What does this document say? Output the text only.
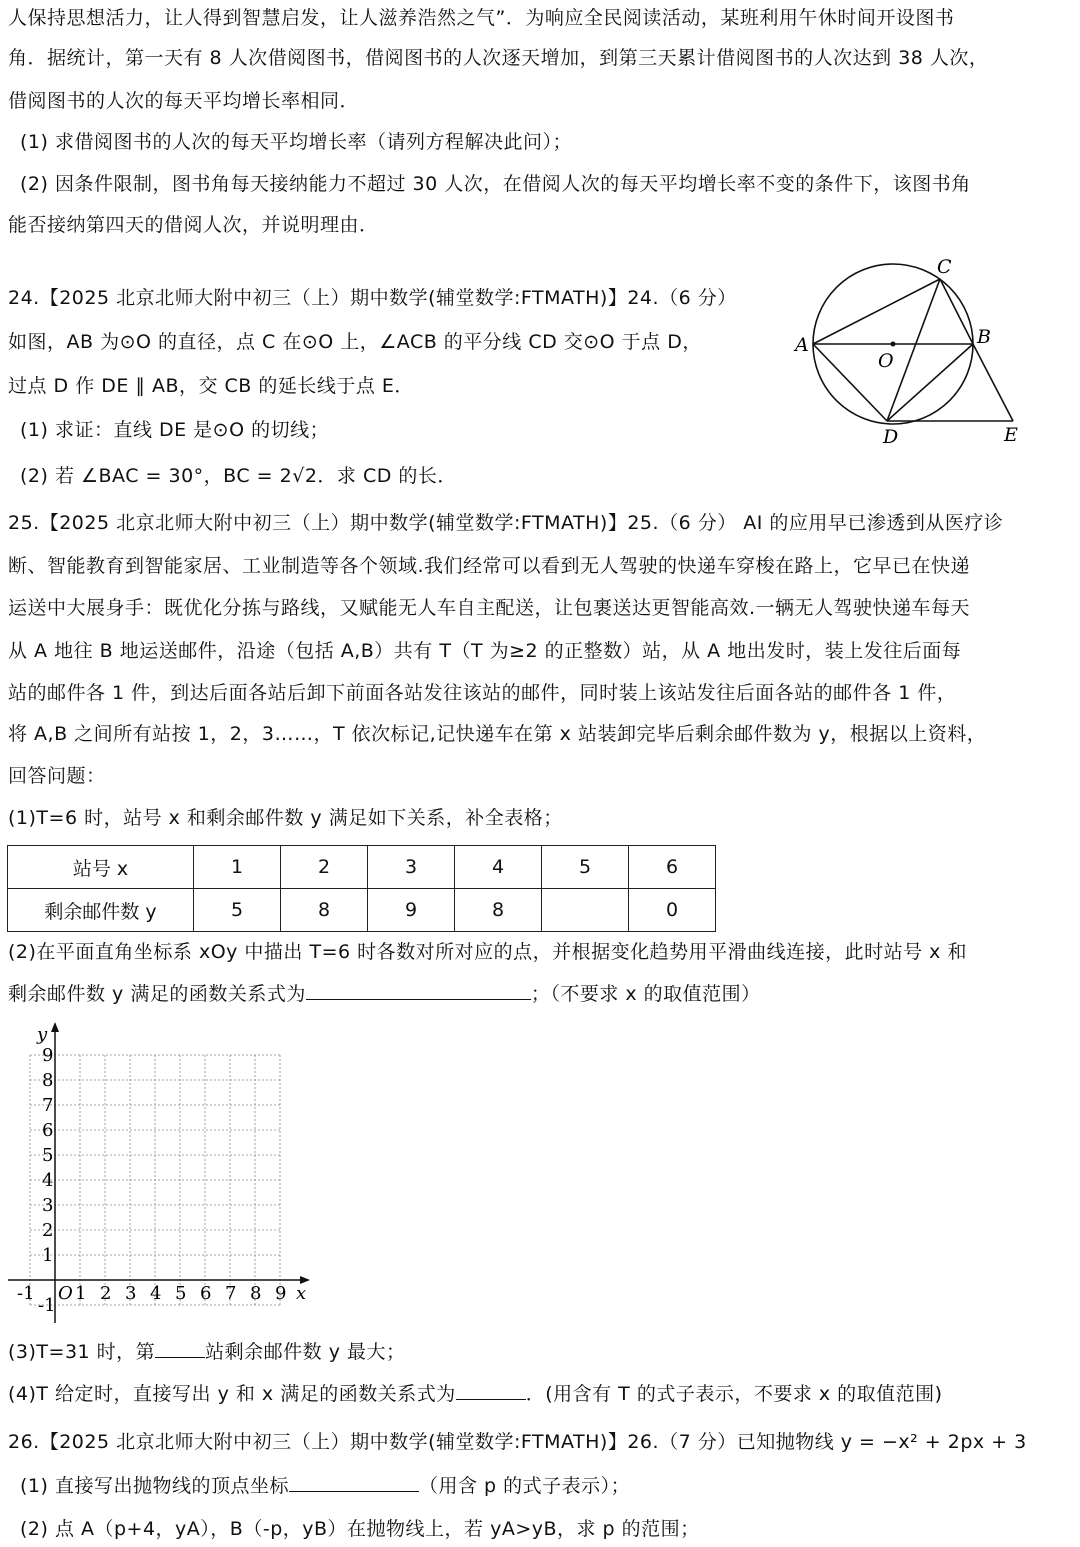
人保持思想活力，让人得到智慧启发，让人滋养浩然之气”．为响应全民阅读活动，某班利用午休时间开设图书
角．据统计，第一天有 8 人次借阅图书，借阅图书的人次逐天增加，到第三天累计借阅图书的人次达到 38 人次，
借阅图书的人次的每天平均增长率相同．
(1) 求借阅图书的人次的每天平均增长率（请列方程解决此问）；
(2) 因条件限制，图书角每天接纳能力不超过 30 人次，在借阅人次的每天平均增长率不变的条件下，该图书角
能否接纳第四天的借阅人次，并说明理由．
24.【2025 北京北师大附中初三（上）期中数学(辅堂数学:FTMATH)】24.（6 分）
如图，AB 为⊙O 的直径，点 C 在⊙O 上，∠ACB 的平分线 CD 交⊙O 于点 D，
过点 D 作 DE ∥ AB，交 CB 的延长线于点 E．
(1) 求证：直线 DE 是⊙O 的切线；
(2) 若 ∠BAC = 30°，BC = 2√2．求 CD 的长．
A	B
C
D	E
O
25.【2025 北京北师大附中初三（上）期中数学(辅堂数学:FTMATH)】25.（6 分） AI 的应用早已渗透到从医疗诊
断、智能教育到智能家居、工业制造等各个领域.我们经常可以看到无人驾驶的快递车穿梭在路上，它早已在快递
运送中大展身手：既优化分拣与路线，又赋能无人车自主配送，让包裹送达更智能高效.一辆无人驾驶快递车每天
从 A 地往 B 地运送邮件，沿途（包括 A,B）共有 T（T 为≥2 的正整数）站，从 A 地出发时，装上发往后面每
站的邮件各 1 件，到达后面各站后卸下前面各站发往该站的邮件，同时装上该站发往后面各站的邮件各 1 件，
将 A,B 之间所有站按 1，2，3……，T 依次标记,记快递车在第 x 站装卸完毕后剩余邮件数为 y，根据以上资料，
回答问题：
(1)T=6 时，站号 x 和剩余邮件数 y 满足如下关系，补全表格；
站号 x	1	2	3	4	5	6
剩余邮件数 y	5	8	9	8		0
(2)在平面直角坐标系 xOy 中描出 T=6 时各数对所对应的点，并根据变化趋势用平滑曲线连接，此时站号 x 和
剩余邮件数 y 满足的函数关系式为	；（不要求 x 的取值范围）
-1 1 2 3 4 5 6 7 8 9
-1
1
2
3
4
5
6
7
8
9
O	x
y
(3)T=31 时，第	站剩余邮件数 y 最大；
(4)T 给定时，直接写出 y 和 x 满足的函数关系式为	．(用含有 T 的式子表示，不要求 x 的取值范围)
26.【2025 北京北师大附中初三（上）期中数学(辅堂数学:FTMATH)】26.（7 分）已知抛物线 y = −x² + 2px + 3
(1) 直接写出抛物线的顶点坐标	（用含 p 的式子表示）；
(2) 点 A（p+4，yA），B（-p，yB）在抛物线上，若 yA>yB，求 p 的范围；
